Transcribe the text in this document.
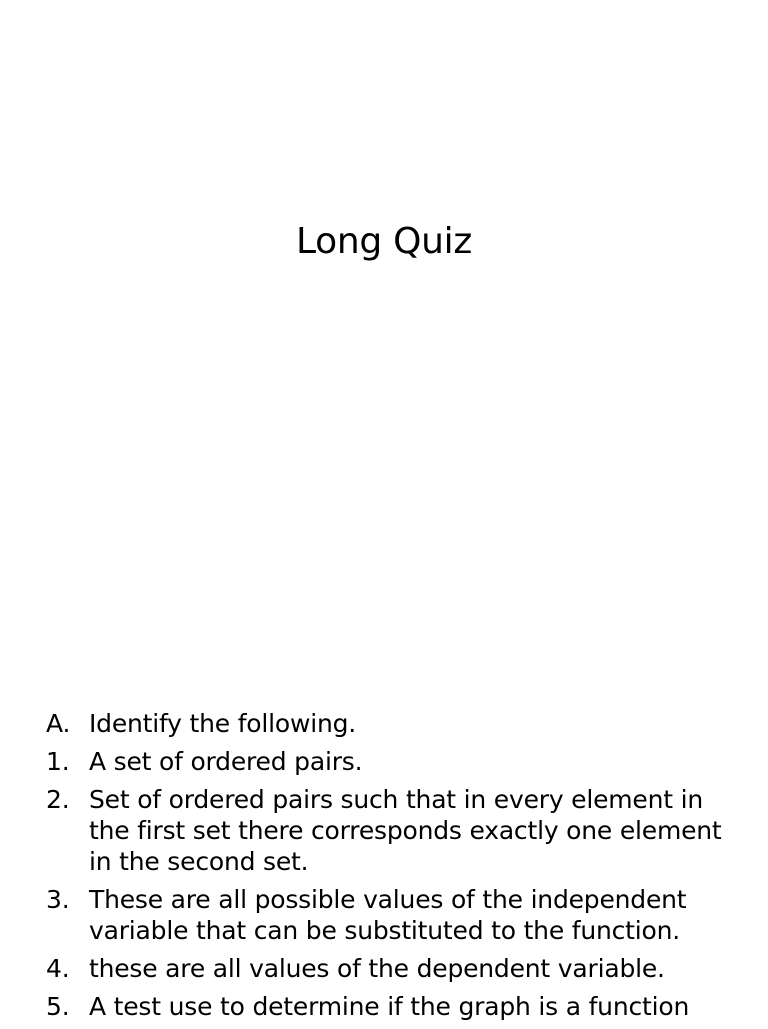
Long Quiz
A. Identify the following.
1. A set of ordered pairs.
2. Set of ordered pairs such that in every element in the first set there corresponds exactly one element in the second set.
3. These are all possible values of the independent variable that can be substituted to the function.
4. these are all values of the dependent variable.
5. A test use to determine if the graph is a function
